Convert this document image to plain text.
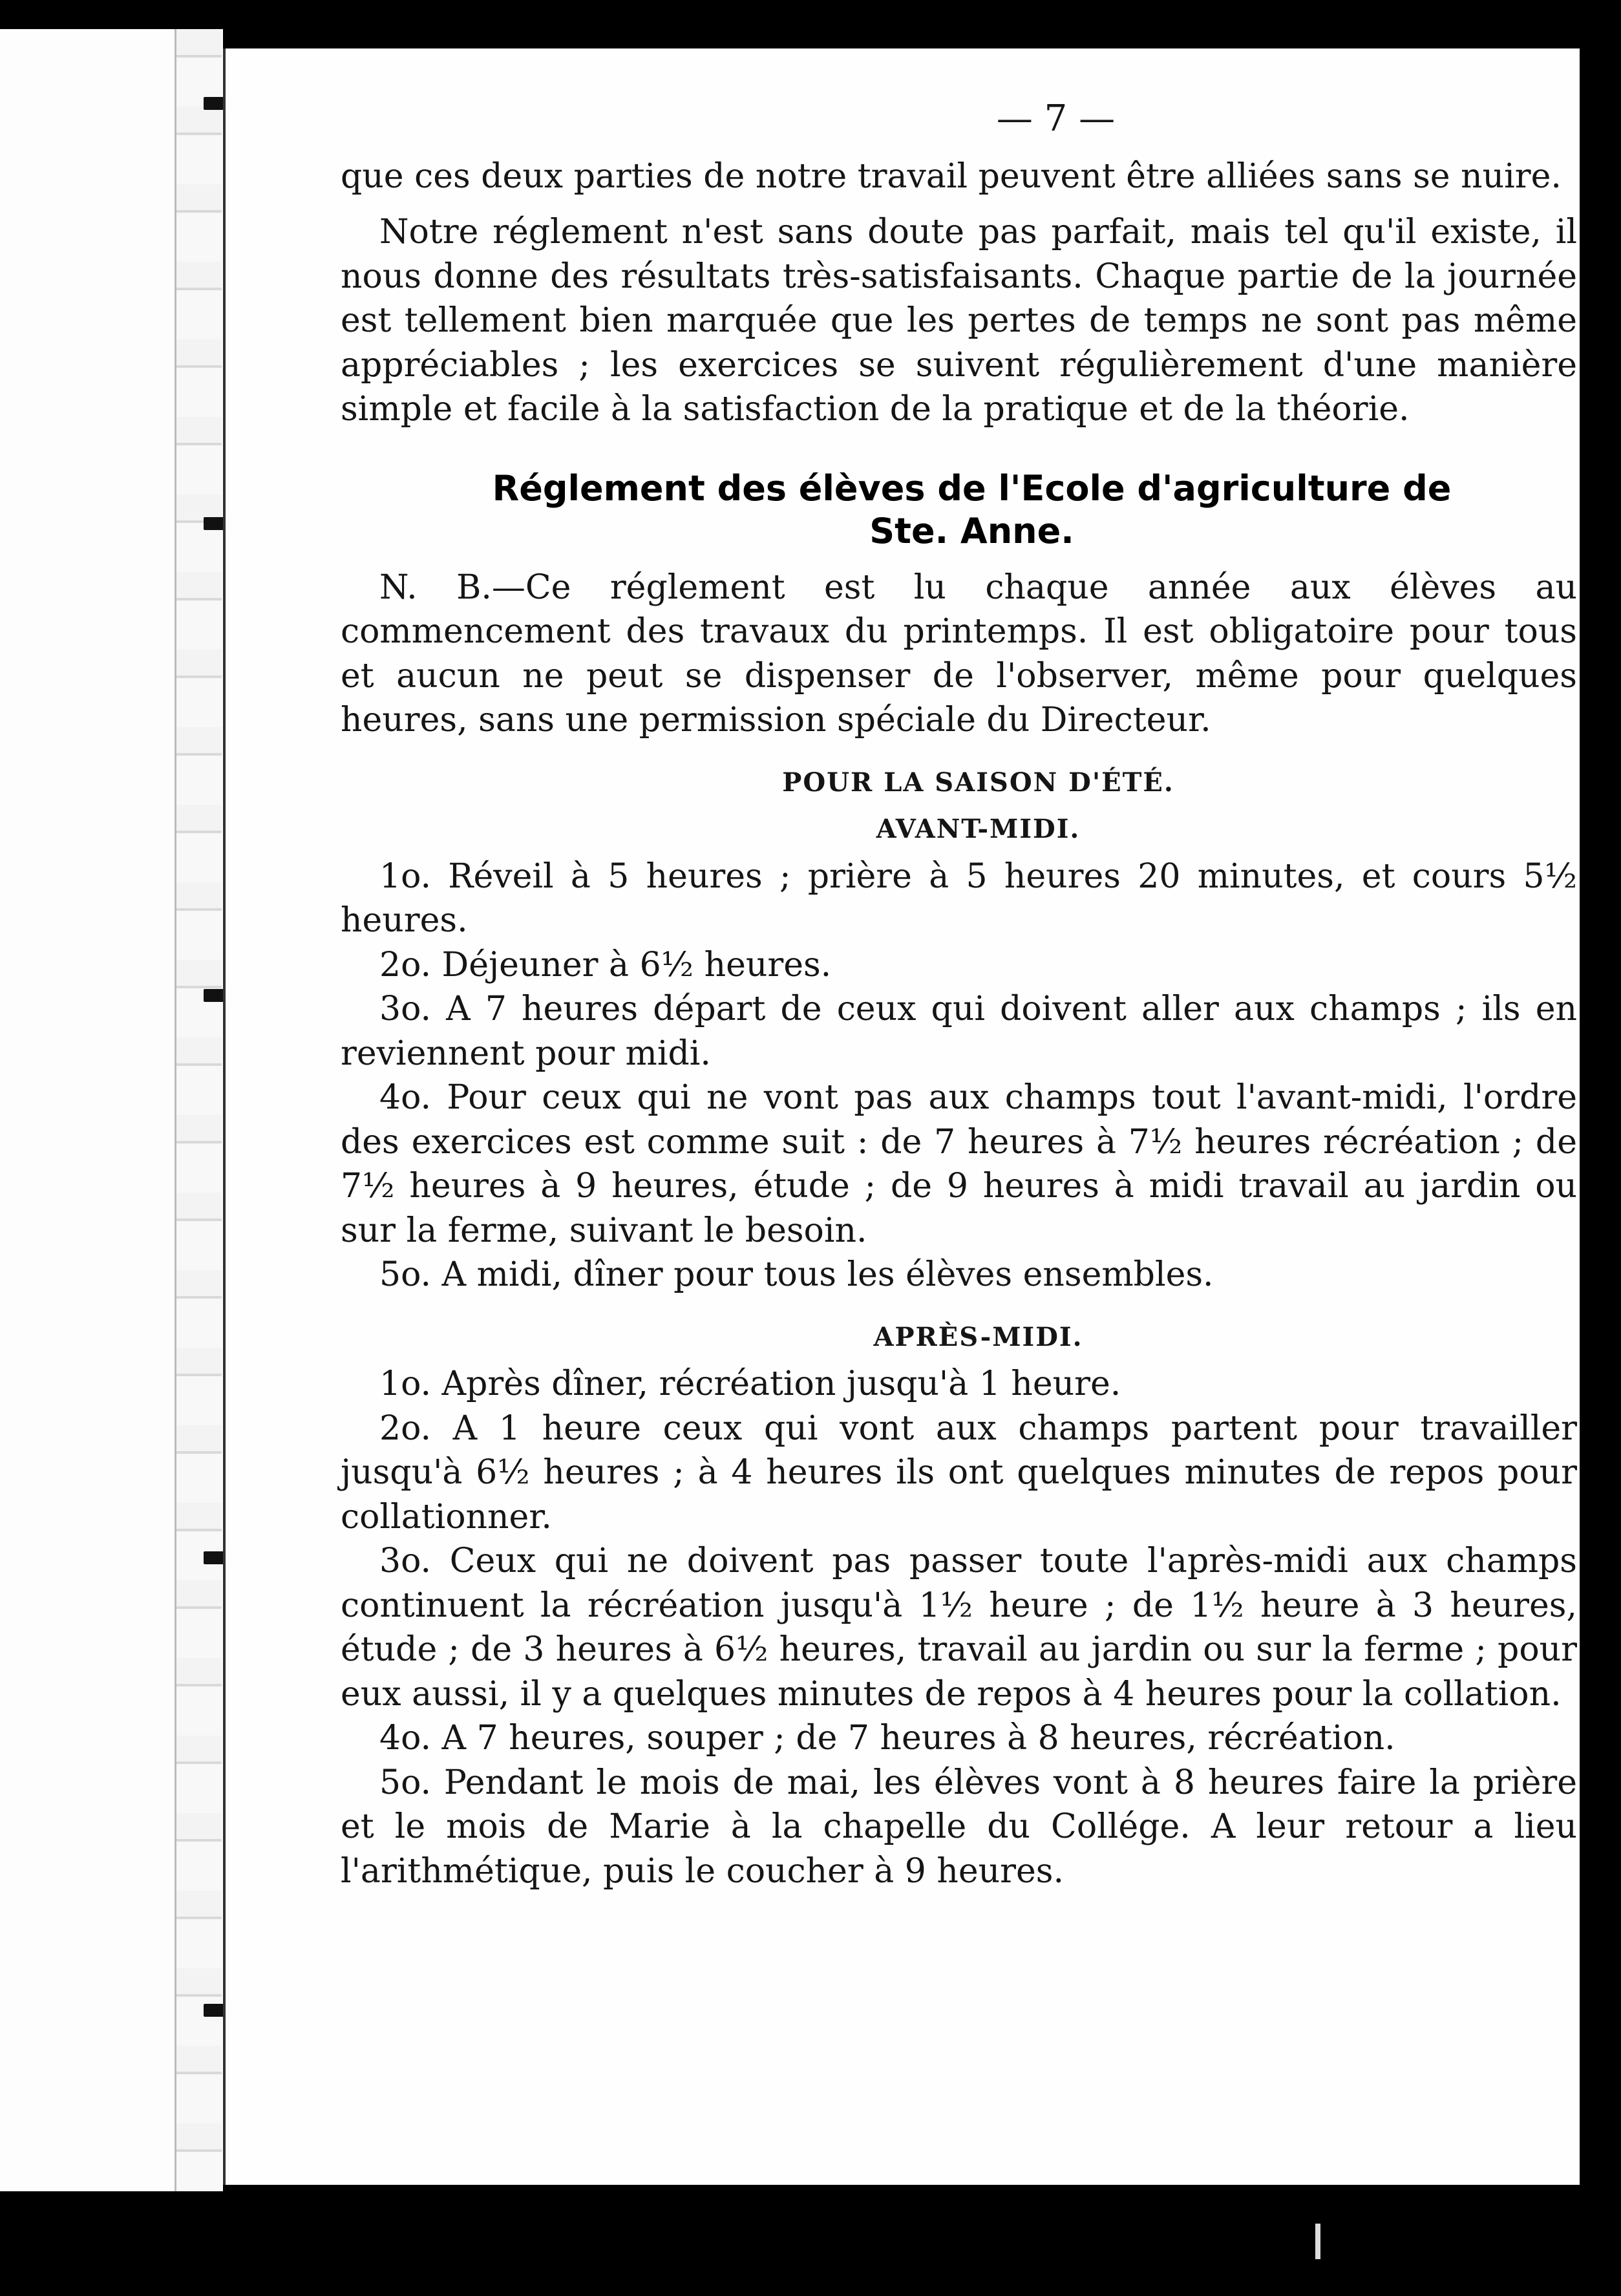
— 7 —

que ces deux parties de notre travail peuvent être alliées sans se nuire.

Notre réglement n'est sans doute pas parfait, mais tel qu'il existe, il nous donne des résultats très-satisfaisants. Chaque partie de la journée est tellement bien marquée que les pertes de temps ne sont pas même appréciables ; les exercices se suivent régulièrement d'une manière simple et facile à la satisfaction de la pratique et de la théorie.

Réglement des élèves de l'Ecole d'agriculture de
Ste. Anne.

N. B.—Ce réglement est lu chaque année aux élèves au commencement des travaux du printemps. Il est obligatoire pour tous et aucun ne peut se dispenser de l'observer, même pour quelques heures, sans une permission spéciale du Directeur.

POUR LA SAISON D'ÉTÉ.
AVANT-MIDI.

1o. Réveil à 5 heures ; prière à 5 heures 20 minutes, et cours 5½ heures.

2o. Déjeuner à 6½ heures.

3o. A 7 heures départ de ceux qui doivent aller aux champs ; ils en reviennent pour midi.

4o. Pour ceux qui ne vont pas aux champs tout l'avant-midi, l'ordre des exercices est comme suit : de 7 heures à 7½ heures récréation ; de 7½ heures à 9 heures, étude ; de 9 heures à midi travail au jardin ou sur la ferme, suivant le besoin.

5o. A midi, dîner pour tous les élèves ensembles.

APRÈS-MIDI.

1o. Après dîner, récréation jusqu'à 1 heure.

2o. A 1 heure ceux qui vont aux champs partent pour travailler jusqu'à 6½ heures ; à 4 heures ils ont quelques minutes de repos pour collationner.

3o. Ceux qui ne doivent pas passer toute l'après-midi aux champs continuent la récréation jusqu'à 1½ heure ; de 1½ heure à 3 heures, étude ; de 3 heures à 6½ heures, travail au jardin ou sur la ferme ; pour eux aussi, il y a quelques minutes de repos à 4 heures pour la collation.

4o. A 7 heures, souper ; de 7 heures à 8 heures, récréation.

5o. Pendant le mois de mai, les élèves vont à 8 heures faire la prière et le mois de Marie à la chapelle du Collége. A leur retour a lieu l'arithmétique, puis le coucher à 9 heures.
